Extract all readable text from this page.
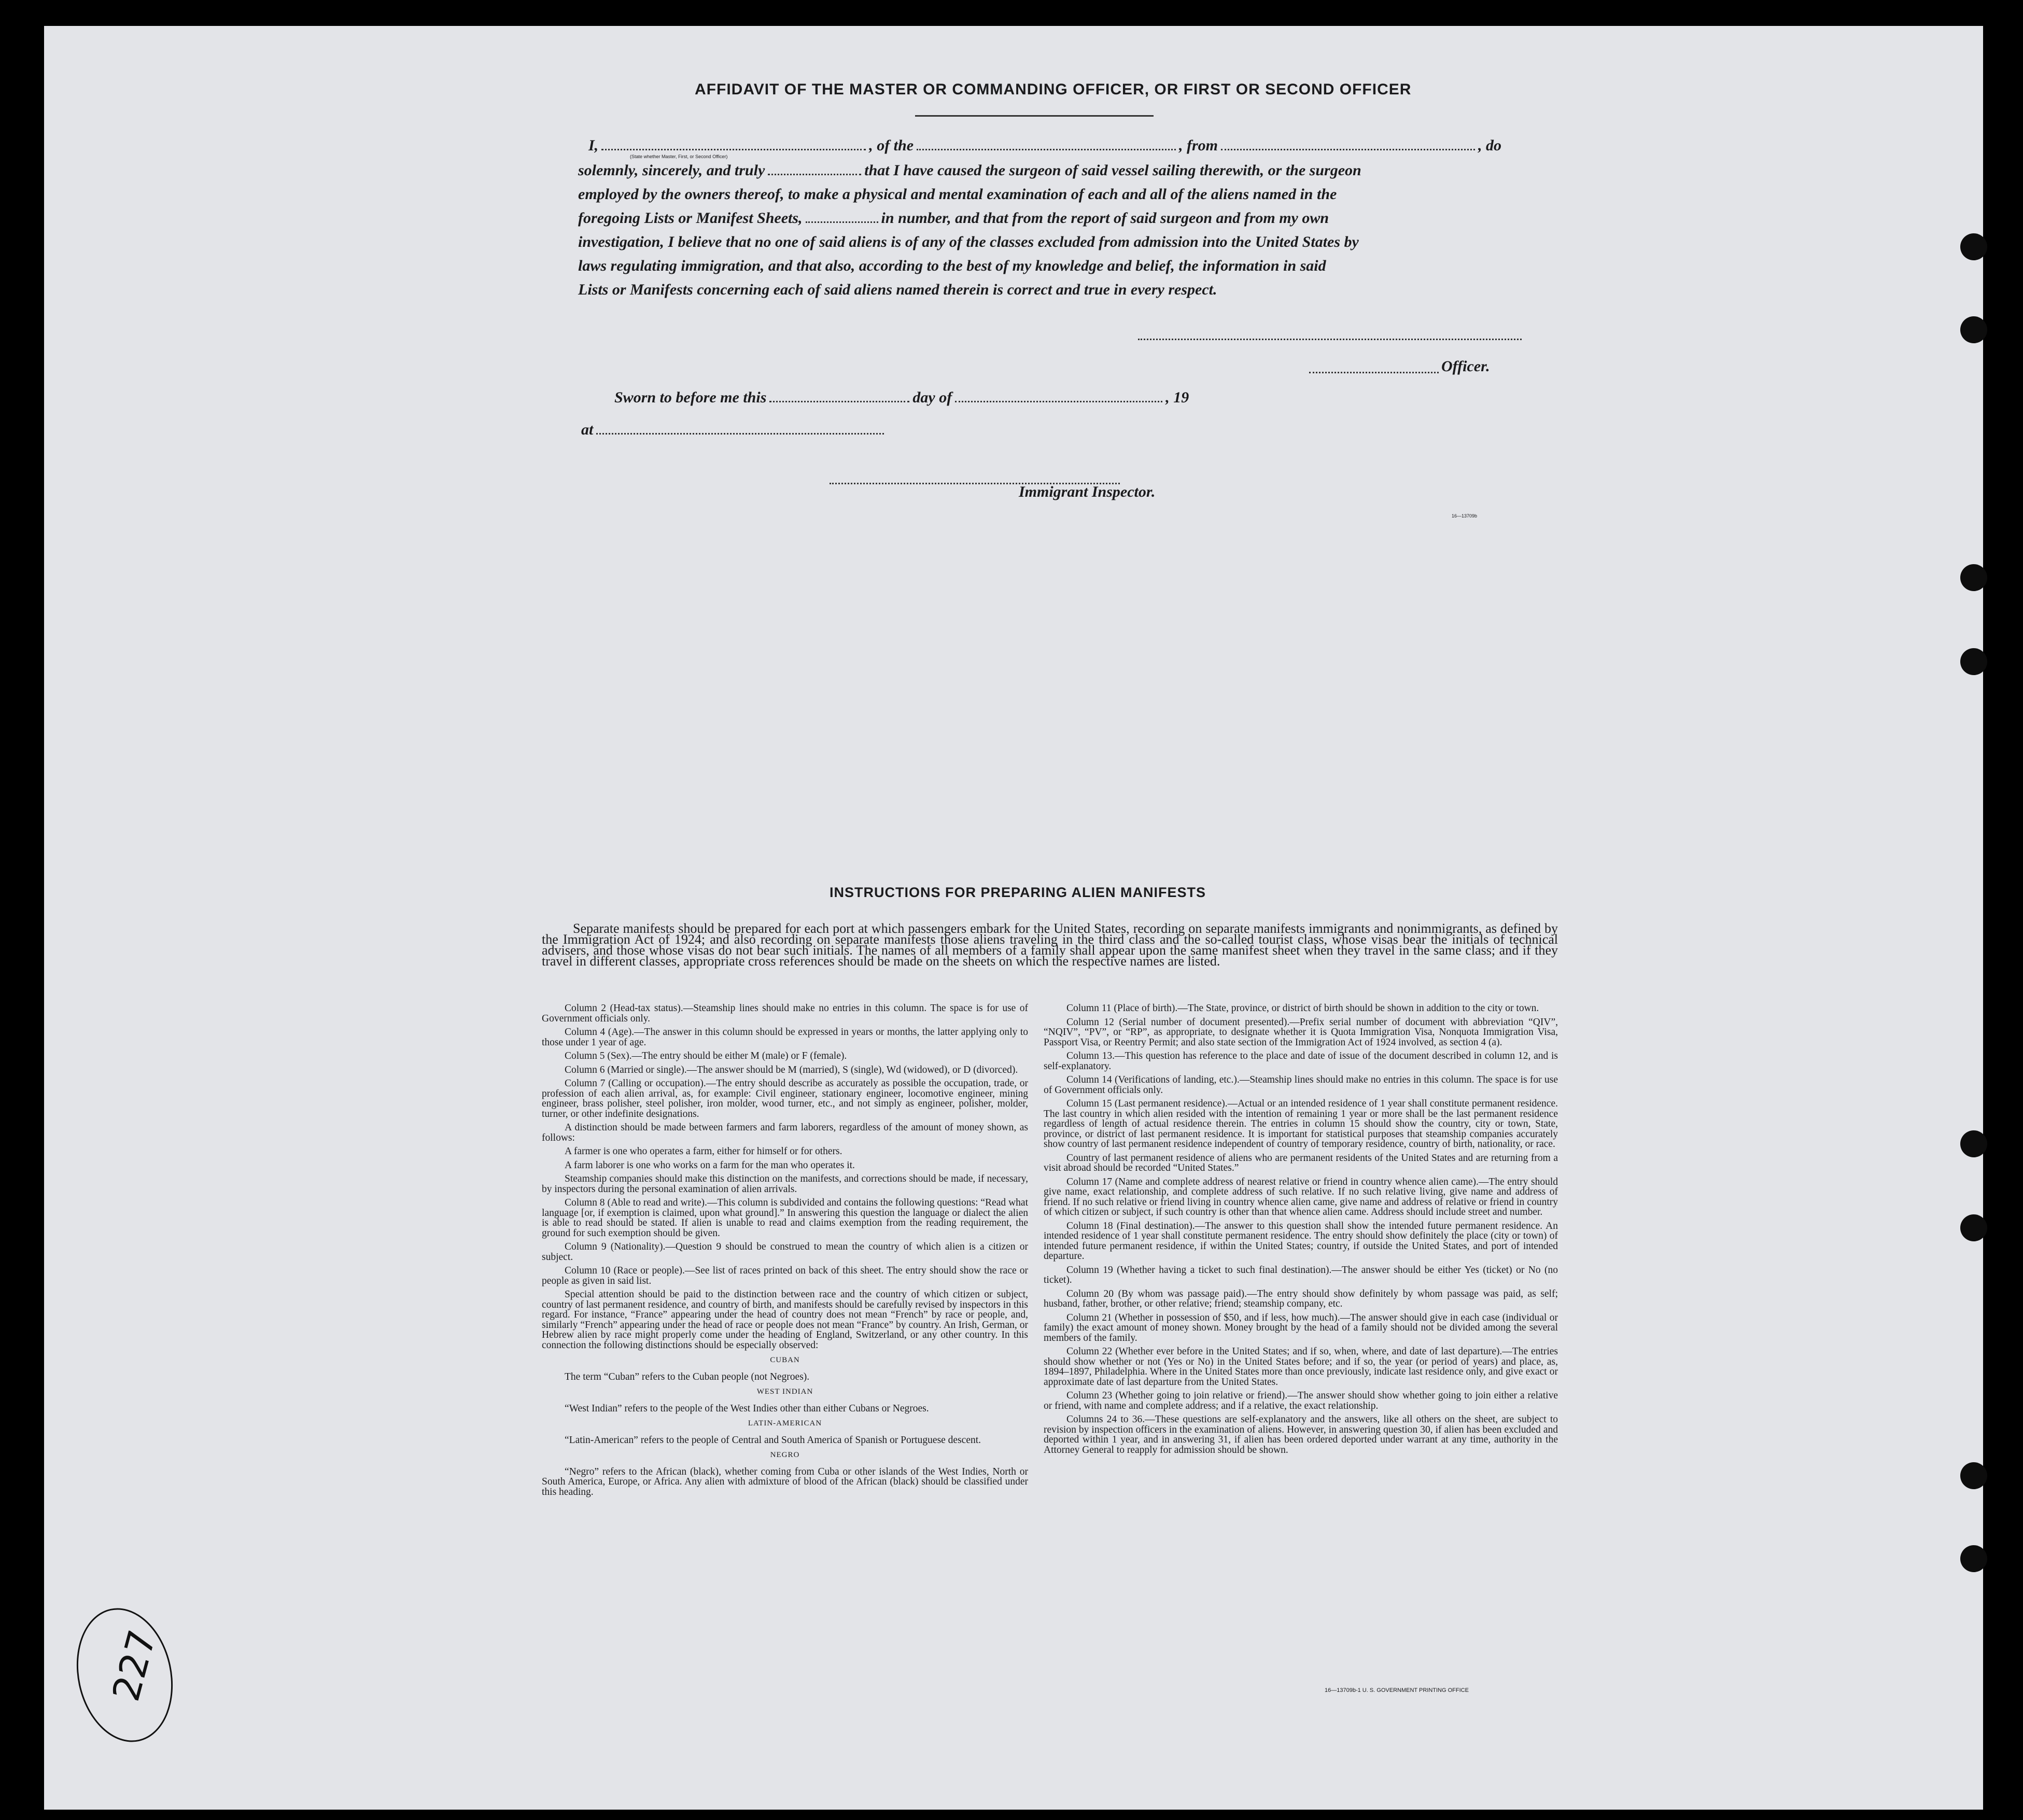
AFFIDAVIT OF THE MASTER OR COMMANDING OFFICER, OR FIRST OR SECOND OFFICER
I,	, of the	, from	, do
(State whether Master, First, or Second Officer)
solemnly, sincerely, and truly	that I have caused the surgeon of said vessel sailing therewith, or the surgeon
employed by the owners thereof, to make a physical and mental examination of each and all of the aliens named in the
foregoing Lists or Manifest Sheets,	in number, and that from the report of said surgeon and from my own
investigation, I believe that no one of said aliens is of any of the classes excluded from admission into the United States by
laws regulating immigration, and that also, according to the best of my knowledge and belief, the information in said
Lists or Manifests concerning each of said aliens named therein is correct and true in every respect.
Officer.
Sworn to before me this	day of	, 19
at
Immigrant Inspector.
16—13709b
INSTRUCTIONS FOR PREPARING ALIEN MANIFESTS
Separate manifests should be prepared for each port at which passengers embark for the United States, recording on separate manifests immigrants and nonimmigrants, as defined by the Immigration Act of 1924; and also recording on separate manifests those aliens traveling in the third class and the so-called tourist class, whose visas bear the initials of technical advisers, and those whose visas do not bear such initials. The names of all members of a family shall appear upon the same manifest sheet when they travel in the same class; and if they travel in different classes, appropriate cross references should be made on the sheets on which the respective names are listed.

Column 2 (Head-tax status).—Steamship lines should make no entries in this column. The space is for use of Government officials only.

Column 4 (Age).—The answer in this column should be expressed in years or months, the latter applying only to those under 1 year of age.

Column 5 (Sex).—The entry should be either M (male) or F (female).

Column 6 (Married or single).—The answer should be M (married), S (single), Wd (widowed), or D (divorced).

Column 7 (Calling or occupation).—The entry should describe as accurately as possible the occupation, trade, or profession of each alien arrival, as, for example: Civil engineer, stationary engineer, locomotive engineer, mining engineer, brass polisher, steel polisher, iron molder, wood turner, etc., and not simply as engineer, polisher, molder, turner, or other indefinite designations.

A distinction should be made between farmers and farm laborers, regardless of the amount of money shown, as follows:

A farmer is one who operates a farm, either for himself or for others.

A farm laborer is one who works on a farm for the man who operates it.

Steamship companies should make this distinction on the manifests, and corrections should be made, if necessary, by inspectors during the personal examination of alien arrivals.

Column 8 (Able to read and write).—This column is subdivided and contains the following questions: “Read what language [or, if exemption is claimed, upon what ground].” In answering this question the language or dialect the alien is able to read should be stated. If alien is unable to read and claims exemption from the reading requirement, the ground for such exemption should be given.

Column 9 (Nationality).—Question 9 should be construed to mean the country of which alien is a citizen or subject.

Column 10 (Race or people).—See list of races printed on back of this sheet. The entry should show the race or people as given in said list.

Special attention should be paid to the distinction between race and the country of which citizen or subject, country of last permanent residence, and country of birth, and manifests should be carefully revised by inspectors in this regard. For instance, “France” appearing under the head of country does not mean “French” by race or people, and, similarly “French” appearing under the head of race or people does not mean “France” by country. An Irish, German, or Hebrew alien by race might properly come under the heading of England, Switzerland, or any other country. In this connection the following distinctions should be especially observed:

CUBAN

The term “Cuban” refers to the Cuban people (not Negroes).

WEST INDIAN

“West Indian” refers to the people of the West Indies other than either Cubans or Negroes.

LATIN-AMERICAN

“Latin-American” refers to the people of Central and South America of Spanish or Portuguese descent.

NEGRO

“Negro” refers to the African (black), whether coming from Cuba or other islands of the West Indies, North or South America, Europe, or Africa. Any alien with admixture of blood of the African (black) should be classified under this heading.

Column 11 (Place of birth).—The State, province, or district of birth should be shown in addition to the city or town.

Column 12 (Serial number of document presented).—Prefix serial number of document with abbreviation “QIV”, “NQIV”, “PV”, or “RP”, as appropriate, to designate whether it is Quota Immigration Visa, Nonquota Immigration Visa, Passport Visa, or Reentry Permit; and also state section of the Immigration Act of 1924 involved, as section 4 (a).

Column 13.—This question has reference to the place and date of issue of the document described in column 12, and is self-explanatory.

Column 14 (Verifications of landing, etc.).—Steamship lines should make no entries in this column. The space is for use of Government officials only.

Column 15 (Last permanent residence).—Actual or an intended residence of 1 year shall constitute permanent residence. The last country in which alien resided with the intention of remaining 1 year or more shall be the last permanent residence regardless of length of actual residence therein. The entries in column 15 should show the country, city or town, State, province, or district of last permanent residence. It is important for statistical purposes that steamship companies accurately show country of last permanent residence independent of country of temporary residence, country of birth, nationality, or race.

Country of last permanent residence of aliens who are permanent residents of the United States and are returning from a visit abroad should be recorded “United States.”

Column 17 (Name and complete address of nearest relative or friend in country whence alien came).—The entry should give name, exact relationship, and complete address of such relative. If no such relative living, give name and address of friend. If no such relative or friend living in country whence alien came, give name and address of relative or friend in country of which citizen or subject, if such country is other than that whence alien came. Address should include street and number.

Column 18 (Final destination).—The answer to this question shall show the intended future permanent residence. An intended residence of 1 year shall constitute permanent residence. The entry should show definitely the place (city or town) of intended future permanent residence, if within the United States; country, if outside the United States, and port of intended departure.

Column 19 (Whether having a ticket to such final destination).—The answer should be either Yes (ticket) or No (no ticket).

Column 20 (By whom was passage paid).—The entry should show definitely by whom passage was paid, as self; husband, father, brother, or other relative; friend; steamship company, etc.

Column 21 (Whether in possession of $50, and if less, how much).—The answer should give in each case (individual or family) the exact amount of money shown. Money brought by the head of a family should not be divided among the several members of the family.

Column 22 (Whether ever before in the United States; and if so, when, where, and date of last departure).—The entries should show whether or not (Yes or No) in the United States before; and if so, the year (or period of years) and place, as, 1894–1897, Philadelphia. Where in the United States more than once previously, indicate last residence only, and give exact or approximate date of last departure from the United States.

Column 23 (Whether going to join relative or friend).—The answer should show whether going to join either a relative or friend, with name and complete address; and if a relative, the exact relationship.

Columns 24 to 36.—These questions are self-explanatory and the answers, like all others on the sheet, are subject to revision by inspection officers in the examination of aliens. However, in answering question 30, if alien has been excluded and deported within 1 year, and in answering 31, if alien has been ordered deported under warrant at any time, authority in the Attorney General to reapply for admission should be shown.

16—13709b-1 U. S. GOVERNMENT PRINTING OFFICE
227
